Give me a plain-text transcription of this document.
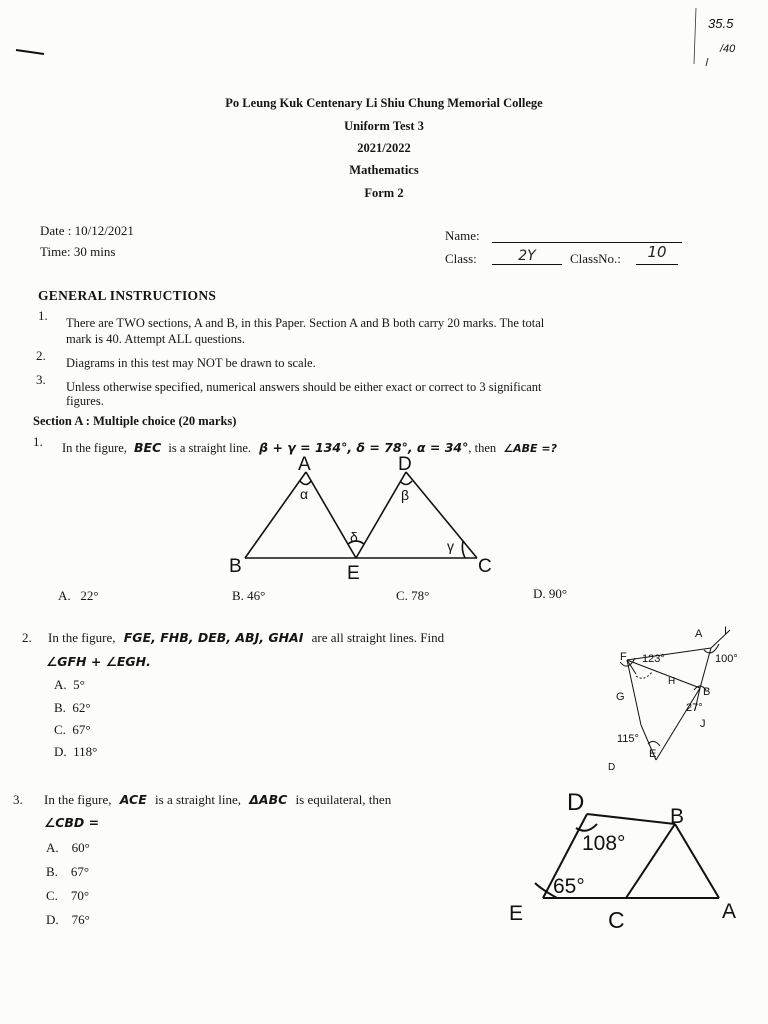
35.5
/40
Po Leung Kuk Centenary Li Shiu Chung Memorial College
Uniform Test 3
2021/2022
Mathematics
Form 2
Date : 10/12/2021
Time: 30 mins
Name:
Class:	2Y	ClassNo.:	10
GENERAL INSTRUCTIONS
1. There are TWO sections, A and B, in this Paper. Section A and B both carry 20 marks. The total
mark is 40. Attempt ALL questions.
2. Diagrams in this test may NOT be drawn to scale.
3. Unless otherwise specified, numerical answers should be either exact or correct to 3 significant
figures.
Section A : Multiple choice (20 marks)
1. In the figure, BEC is a straight line. β + γ = 134°, δ = 78°, α = 34°, then ∠ABE =?
A	D
B	E	C
α	β
δ
γ
A. 22°	B. 46°	C. 78°	D. 90°
2. In the figure, FGE, FHB, DEB, ABJ, GHAI are all straight lines. Find
∠GFH + ∠EGH.
A. 5°
B. 62°
C. 67°
D. 118°
A I
F
G
H
B
J
E
D
123°	100°
27°
115°
3. In the figure, ACE is a straight line, ΔABC is equilateral, then
∠CBD =
A. 60°
B. 67°
C. 70°
D. 76°
D
B
E	C	A
108°
65°
